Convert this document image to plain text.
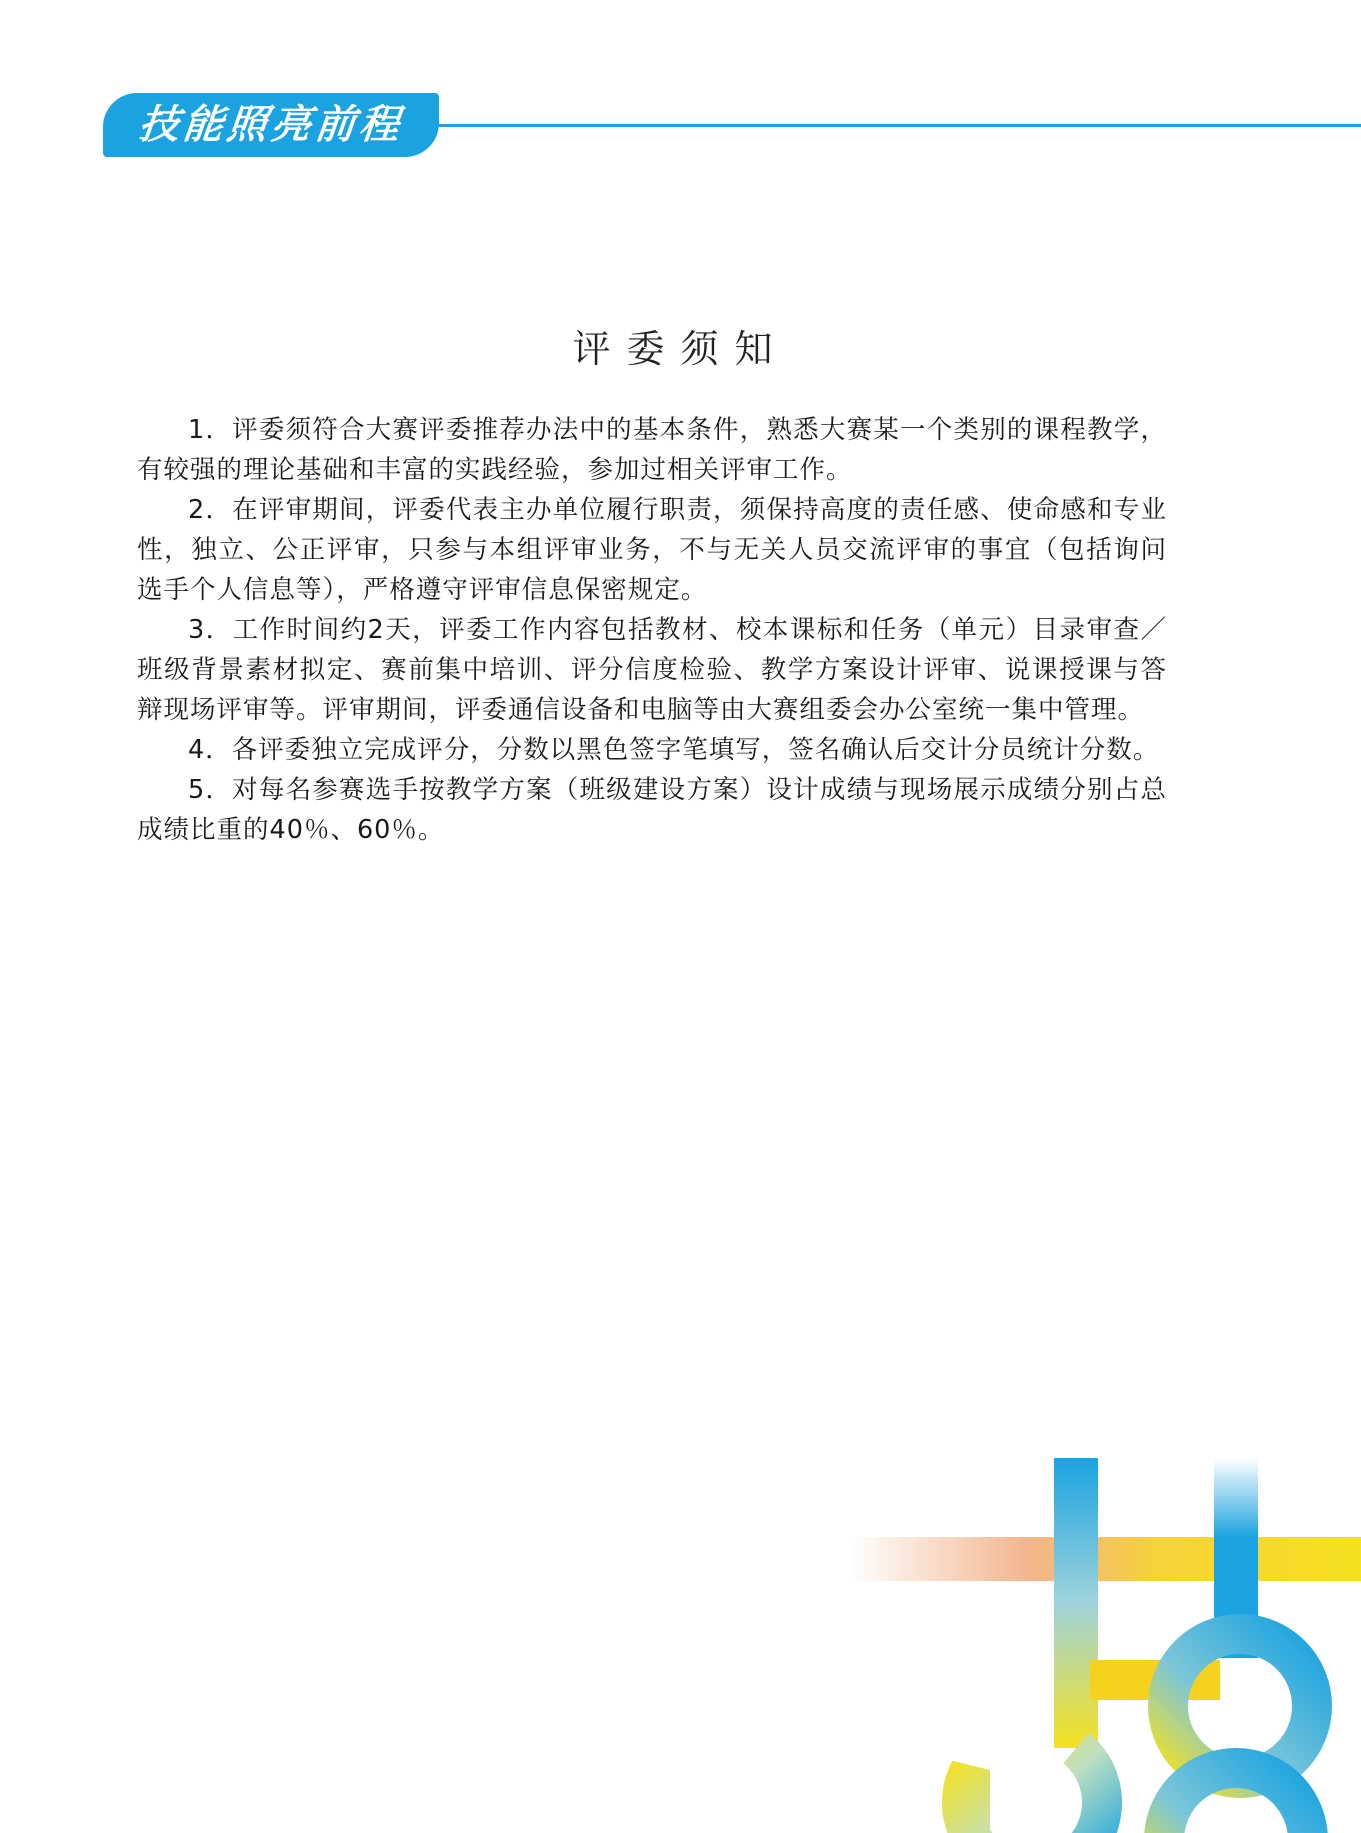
技能照亮前程
评委须知

1．评委须符合大赛评委推荐办法中的基本条件，熟悉大赛某一个类别的课程教学，有较强的理论基础和丰富的实践经验，参加过相关评审工作。

2．在评审期间，评委代表主办单位履行职责，须保持高度的责任感、使命感和专业性，独立、公正评审，只参与本组评审业务，不与无关人员交流评审的事宜（包括询问选手个人信息等），严格遵守评审信息保密规定。

3．工作时间约2天，评委工作内容包括教材、校本课标和任务（单元）目录审查／班级背景素材拟定、赛前集中培训、评分信度检验、教学方案设计评审、说课授课与答辩现场评审等。评审期间，评委通信设备和电脑等由大赛组委会办公室统一集中管理。

4．各评委独立完成评分，分数以黑色签字笔填写，签名确认后交计分员统计分数。

5．对每名参赛选手按教学方案（班级建设方案）设计成绩与现场展示成绩分别占总成绩比重的40％、60％。
